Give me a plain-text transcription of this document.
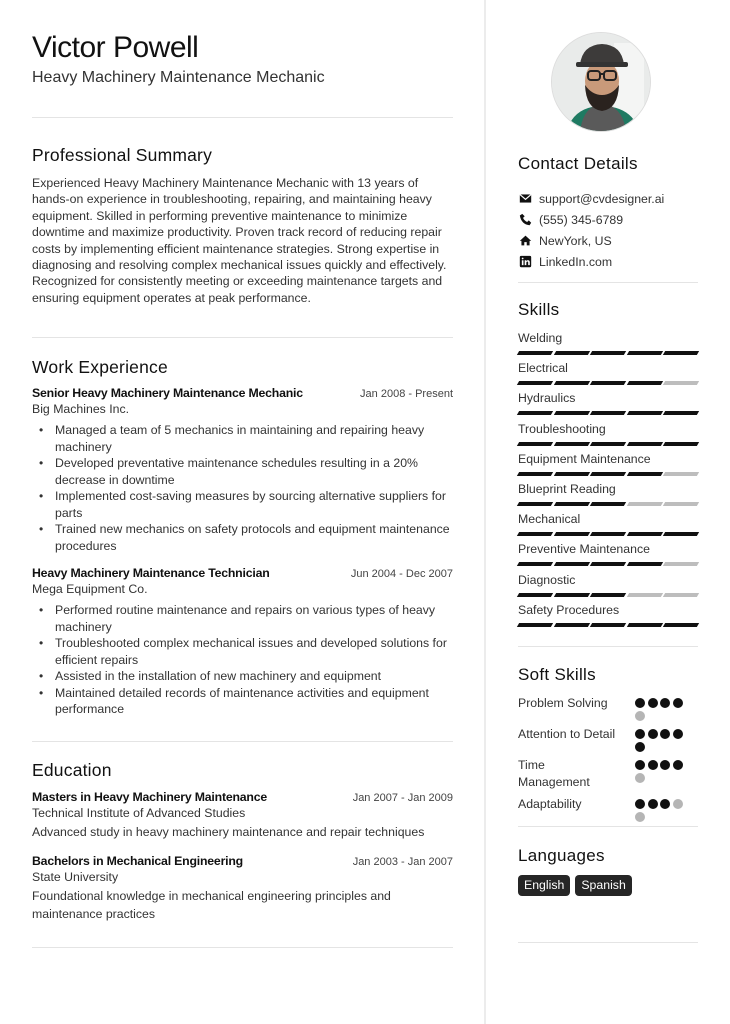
Victor Powell
Heavy Machinery Maintenance Mechanic
Professional Summary
Experienced Heavy Machinery Maintenance Mechanic with 13 years of hands-on experience in troubleshooting, repairing, and maintaining heavy equipment. Skilled in performing preventive maintenance to minimize downtime and maximize productivity. Proven track record of reducing repair costs by implementing efficient maintenance strategies. Strong expertise in diagnosing and resolving complex mechanical issues quickly and effectively. Recognized for consistently meeting or exceeding maintenance targets and ensuring equipment operates at peak performance.
Work Experience
Senior Heavy Machinery Maintenance Mechanic	Jan 2008 - Present
Big Machines Inc.
• Managed a team of 5 mechanics in maintaining and repairing heavy machinery
• Developed preventative maintenance schedules resulting in a 20% decrease in downtime
• Implemented cost-saving measures by sourcing alternative suppliers for parts
• Trained new mechanics on safety protocols and equipment maintenance procedures
Heavy Machinery Maintenance Technician	Jun 2004 - Dec 2007
Mega Equipment Co.
• Performed routine maintenance and repairs on various types of heavy machinery
• Troubleshooted complex mechanical issues and developed solutions for efficient repairs
• Assisted in the installation of new machinery and equipment
• Maintained detailed records of maintenance activities and equipment performance
Education
Masters in Heavy Machinery Maintenance	Jan 2007 - Jan 2009
Technical Institute of Advanced Studies
Advanced study in heavy machinery maintenance and repair techniques
Bachelors in Mechanical Engineering	Jan 2003 - Jan 2007
State University
Foundational knowledge in mechanical engineering principles and maintenance practices
Contact Details
support@cvdesigner.ai
(555) 345-6789
NewYork, US
LinkedIn.com
Skills
Welding
Electrical
Hydraulics
Troubleshooting
Equipment Maintenance
Blueprint Reading
Mechanical
Preventive Maintenance
Diagnostic
Safety Procedures
Soft Skills
Problem Solving
Attention to Detail
Time Management
Adaptability
Languages
English	Spanish
